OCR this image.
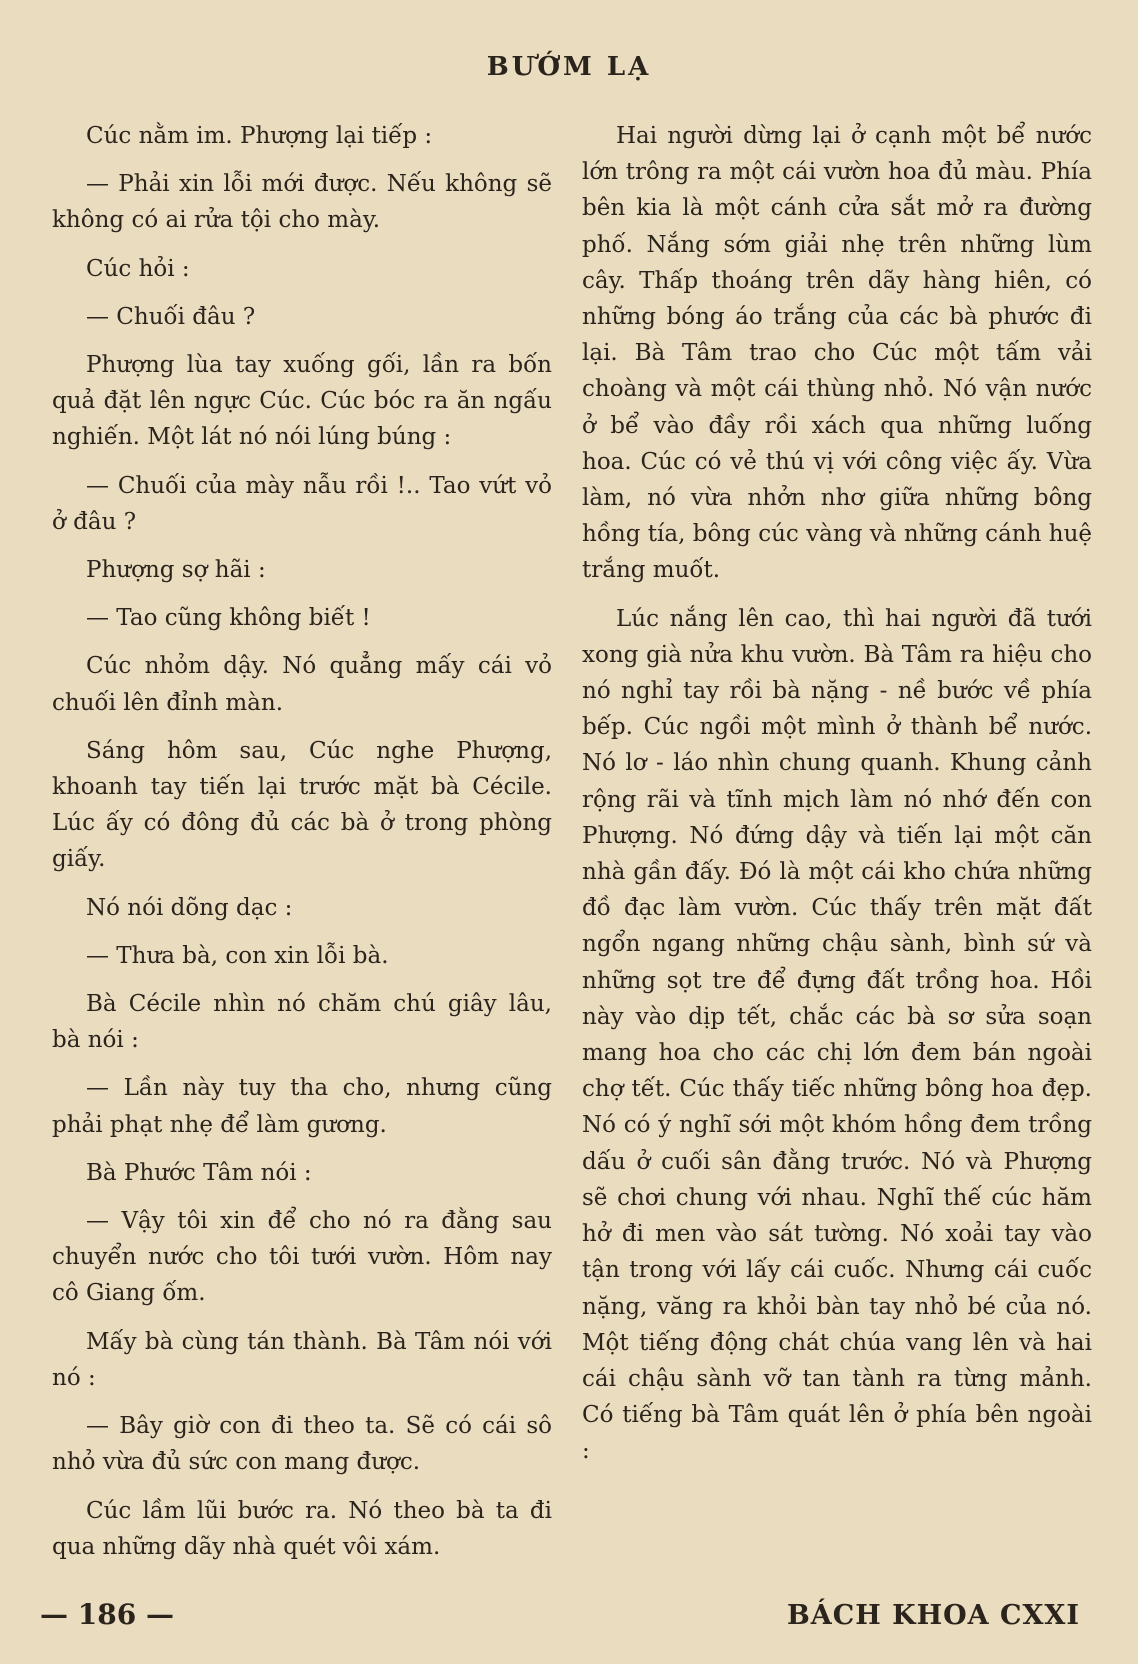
BƯỚM LẠ

Cúc nằm im. Phượng lại tiếp :

— Phải xin lỗi mới được. Nếu không sẽ không có ai rửa tội cho mày.

Cúc hỏi :

— Chuối đâu ?

Phượng lùa tay xuống gối, lần ra bốn quả đặt lên ngực Cúc. Cúc bóc ra ăn ngấu nghiến. Một lát nó nói lúng búng :

— Chuối của mày nẫu rồi !.. Tao vứt vỏ ở đâu ?

Phượng sợ hãi :

— Tao cũng không biết !

Cúc nhỏm dậy. Nó quẳng mấy cái vỏ chuối lên đỉnh màn.

Sáng hôm sau, Cúc nghe Phượng, khoanh tay tiến lại trước mặt bà Cécile. Lúc ấy có đông đủ các bà ở trong phòng giấy.

Nó nói dõng dạc :

— Thưa bà, con xin lỗi bà.

Bà Cécile nhìn nó chăm chú giây lâu, bà nói :

— Lần này tuy tha cho, nhưng cũng phải phạt nhẹ để làm gương.

Bà Phước Tâm nói :

— Vậy tôi xin để cho nó ra đằng sau chuyển nước cho tôi tưới vườn. Hôm nay cô Giang ốm.

Mấy bà cùng tán thành. Bà Tâm nói với nó :

— Bây giờ con đi theo ta. Sẽ có cái sô nhỏ vừa đủ sức con mang được.

Cúc lầm lũi bước ra. Nó theo bà ta đi qua những dãy nhà quét vôi xám.

Hai người dừng lại ở cạnh một bể nước lớn trông ra một cái vườn hoa đủ màu. Phía bên kia là một cánh cửa sắt mở ra đường phố. Nắng sớm giải nhẹ trên những lùm cây. Thấp thoáng trên dãy hàng hiên, có những bóng áo trắng của các bà phước đi lại. Bà Tâm trao cho Cúc một tấm vải choàng và một cái thùng nhỏ. Nó vận nước ở bể vào đầy rồi xách qua những luống hoa. Cúc có vẻ thú vị với công việc ấy. Vừa làm, nó vừa nhởn nhơ giữa những bông hồng tía, bông cúc vàng và những cánh huệ trắng muốt.

Lúc nắng lên cao, thì hai người đã tưới xong già nửa khu vườn. Bà Tâm ra hiệu cho nó nghỉ tay rồi bà nặng - nề bước về phía bếp. Cúc ngồi một mình ở thành bể nước. Nó lơ - láo nhìn chung quanh. Khung cảnh rộng rãi và tĩnh mịch làm nó nhớ đến con Phượng. Nó đứng dậy và tiến lại một căn nhà gần đấy. Đó là một cái kho chứa những đồ đạc làm vườn. Cúc thấy trên mặt đất ngổn ngang những chậu sành, bình sứ và những sọt tre để đựng đất trồng hoa. Hồi này vào dịp tết, chắc các bà sơ sửa soạn mang hoa cho các chị lớn đem bán ngoài chợ tết. Cúc thấy tiếc những bông hoa đẹp. Nó có ý nghĩ sới một khóm hồng đem trồng dấu ở cuối sân đằng trước. Nó và Phượng sẽ chơi chung với nhau. Nghĩ thế cúc hăm hở đi men vào sát tường. Nó xoải tay vào tận trong với lấy cái cuốc. Nhưng cái cuốc nặng, văng ra khỏi bàn tay nhỏ bé của nó. Một tiếng động chát chúa vang lên và hai cái chậu sành vỡ tan tành ra từng mảnh. Có tiếng bà Tâm quát lên ở phía bên ngoài :

— 186 —	BÁCH KHOA CXXI
